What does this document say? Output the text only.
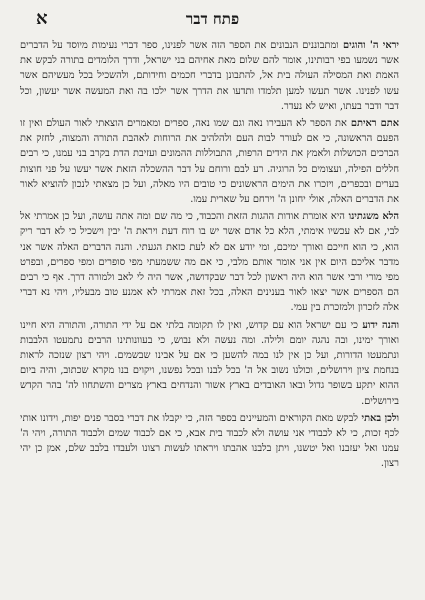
א	פתח דבר

יראי ה' והוגים ומתבוננים הנבונים את הספר הזה אשר לפנינו, ספר דברי נעימות מיוסד על הדברים אשר נשמעו בפי רבותינו, אומר להם שלום מאת אחיהם בני ישראל, ודרך הלומדים בתורה לבקש את האמת ואת המסילה העולה בית אל, להתבונן בדברי חכמים וחידותם, ולהשכיל בכל מעשיהם אשר עשו לפנינו. אשר תעשו למען תלמדו ותדעו את הדרך אשר ילכו בה ואת המעשה אשר יעשון, וכל דבר ודבר בעתו, ואיש לא נעדר.

אתם ראיתם את הספר לא העבירו נאה וגם שמו נאה, ספרים ומאמרים הוצאתי לאור העולם ואין זו הפעם הראשונה, כי אם לעורר לבות העם ולהלהיב את הרוחות לאהבת התורה והמצוה, לחזק את הברכים הכושלות ולאמץ את הידים הרפות, התבוללות ההמונים ועזיבת הדת בקרב בני עמנו, כי רבים חללים הפילה, ועצומים כל הרוגיה. רע לבם ורוחם על דבר ההשכלה הזאת אשר יעשו על פני חוצות בערים ובכפרים, ויזכרו את הימים הראשונים כי טובים היו מאלה, ועל כן מצאתי לנכון להוציא לאור את הדברים האלה, אולי יחונן ה' וירחם על שארית עמו.

הלא משגתינו היא אומרת אודות ההגות הזאת והכבוד, כי מה שם ומה אתה עושה, ועל כן אמרתי אל לבי, אם לא עכשיו אימתי, הלא כל אדם אשר יש בו רוח דעת ויראת ה' יבין וישכיל כי לא דבר ריק הוא, כי הוא חייכם ואורך ימיכם, ומי יודע אם לא לעת כזאת הגעתי. והנה הדברים האלה אשר אני מדבר אליכם היום אין אני אומר אותם מלבי, כי אם מה ששמעתי מפי סופרים ומפי ספרים, ובפרט מפי מורי ורבי אשר הוא היה ראשון לכל דבר שבקדושה, אשר היה לי לאב ולמורה דרך. אף כי רבים הם הספרים אשר יצאו לאור בענינים האלה, בכל זאת אמרתי לא אמנע טוב מבעליו, ויהי נא דברי אלה לזכרון ולמזכרת בין עמי.

והנה ידוע כי עם ישראל הוא עם קדוש, ואין לו תקומה בלתי אם על ידי התורה, והתורה היא חיינו ואורך ימינו, ובה נהגה יומם ולילה. ומה נעשה ולא נבוש, כי בעוונותינו הרבים נתמעטו הלבבות ונתמעטו הדורות, ועל כן אין לנו במה להשען כי אם על אבינו שבשמים. ויהי רצון שנזכה לראות בנחמת ציון וירושלים, וכולנו נשוב אל ה' בכל לבנו ובכל נפשנו, ויקוים בנו מקרא שכתוב, והיה ביום ההוא יתקע בשופר גדול ובאו האובדים בארץ אשור והנדחים בארץ מצרים והשתחוו לה' בהר הקדש בירושלים.

ולכן באתי לבקש מאת הקוראים והמעיינים בספר הזה, כי יקבלו את דברי בסבר פנים יפות, וידונו אותי לכף זכות, כי לא לכבודי אני עושה ולא לכבוד בית אבא, כי אם לכבוד שמים ולכבוד התורה, ויהי ה' עמנו ואל יעזבנו ואל יטשנו, ויתן בלבנו אהבתו ויראתו לעשות רצונו ולעבדו בלבב שלם, אמן כן יהי רצון.
